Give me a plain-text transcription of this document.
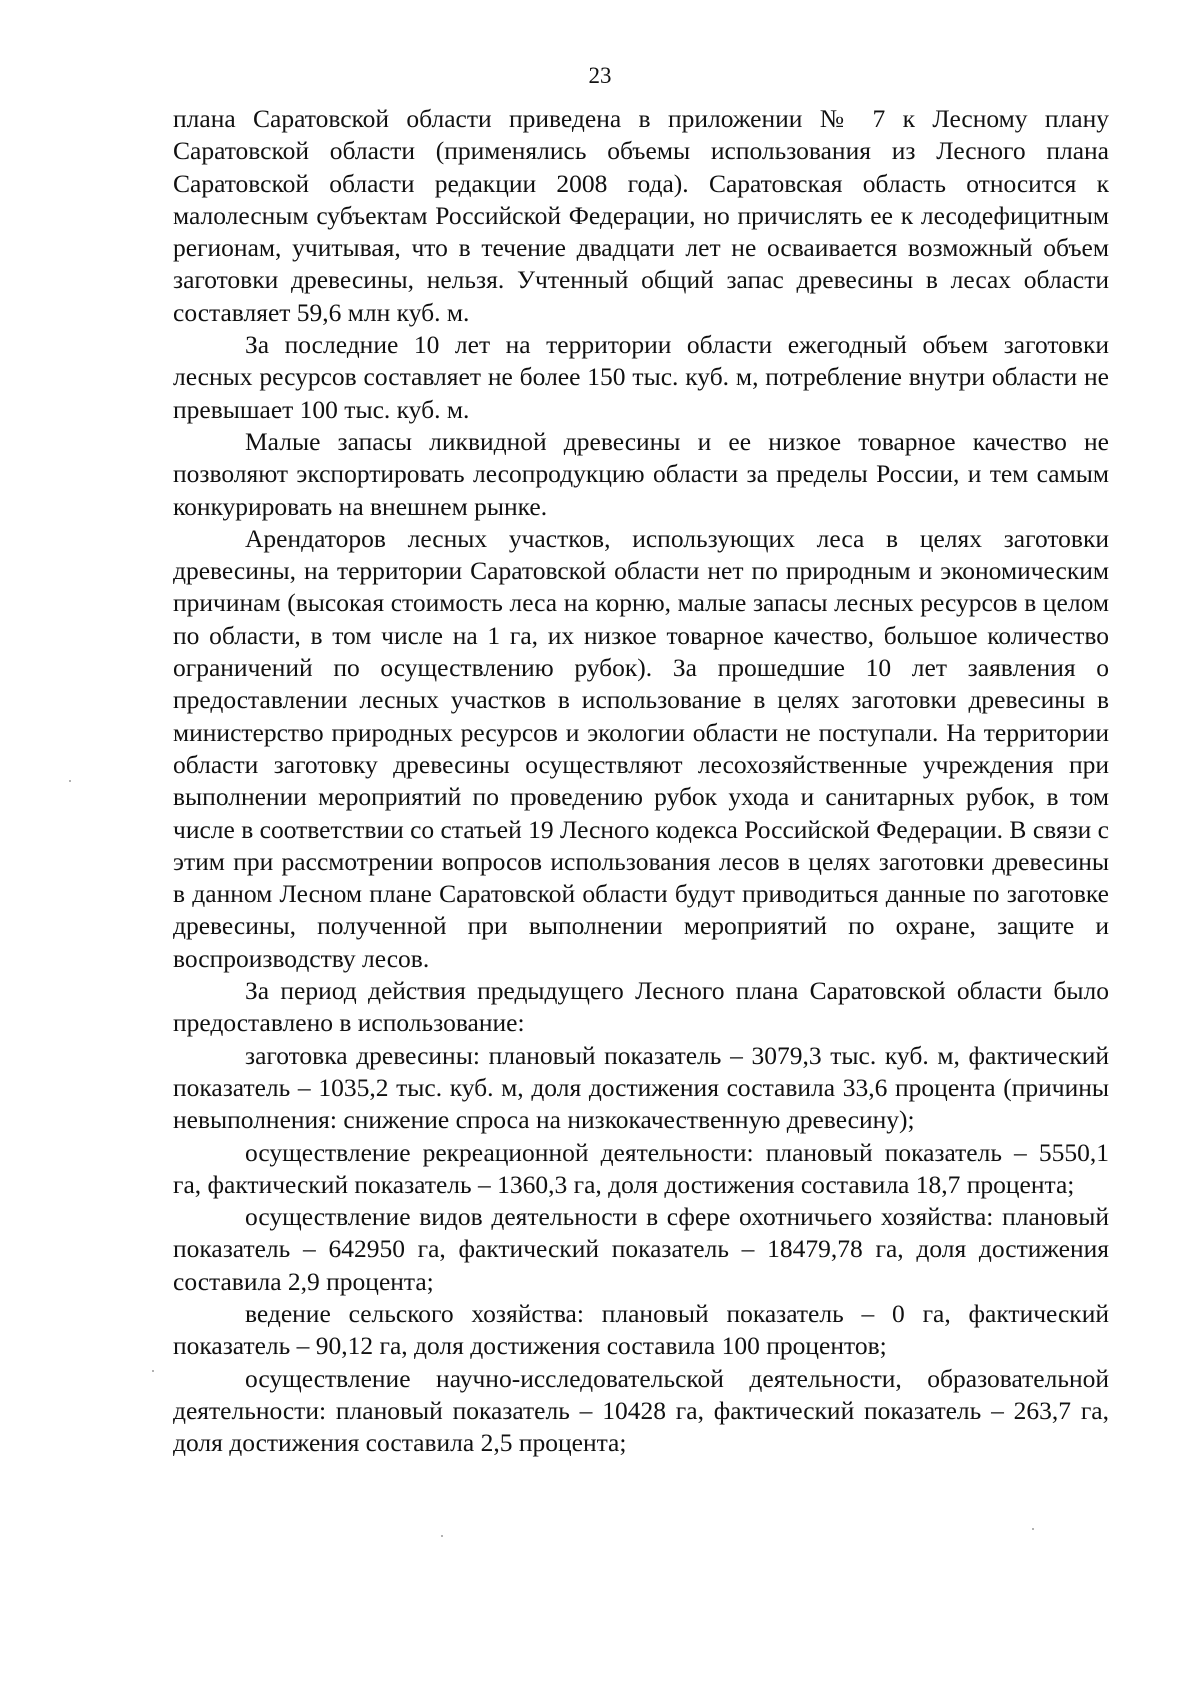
23

плана Саратовской области приведена в приложении № 7 к Лесному плану Саратовской области (применялись объемы использования из Лесного плана Саратовской области редакции 2008 года). Саратовская область относится к малолесным субъектам Российской Федерации, но причислять ее к лесодефицитным регионам, учитывая, что в течение двадцати лет не осваивается возможный объем заготовки древесины, нельзя. Учтенный общий запас древесины в лесах области составляет 59,6 млн куб. м.

За последние 10 лет на территории области ежегодный объем заготовки лесных ресурсов составляет не более 150 тыс. куб. м, потребление внутри области не превышает 100 тыс. куб. м.

Малые запасы ликвидной древесины и ее низкое товарное качество не позволяют экспортировать лесопродукцию области за пределы России, и тем самым конкурировать на внешнем рынке.

Арендаторов лесных участков, использующих леса в целях заготовки древесины, на территории Саратовской области нет по природным и экономическим причинам (высокая стоимость леса на корню, малые запасы лесных ресурсов в целом по области, в том числе на 1 га, их низкое товарное качество, большое количество ограничений по осуществлению рубок). За прошедшие 10 лет заявления о предоставлении лесных участков в использование в целях заготовки древесины в министерство природных ресурсов и экологии области не поступали. На территории области заготовку древесины осуществляют лесохозяйственные учреждения при выполнении мероприятий по проведению рубок ухода и санитарных рубок, в том числе в соответствии со статьей 19 Лесного кодекса Российской Федерации. В связи с этим при рассмотрении вопросов использования лесов в целях заготовки древесины в данном Лесном плане Саратовской области будут приводиться данные по заготовке древесины, полученной при выполнении мероприятий по охране, защите и воспроизводству лесов.

За период действия предыдущего Лесного плана Саратовской области было предоставлено в использование:

заготовка древесины: плановый показатель – 3079,3 тыс. куб. м, фактический показатель – 1035,2 тыс. куб. м, доля достижения составила 33,6 процента (причины невыполнения: снижение спроса на низкокачественную древесину);

осуществление рекреационной деятельности: плановый показатель – 5550,1 га, фактический показатель – 1360,3 га, доля достижения составила 18,7 процента;

осуществление видов деятельности в сфере охотничьего хозяйства: плановый показатель – 642950 га, фактический показатель – 18479,78 га, доля достижения составила 2,9 процента;

ведение сельского хозяйства: плановый показатель – 0 га, фактический показатель – 90,12 га, доля достижения составила 100 процентов;

осуществление научно-исследовательской деятельности, образовательной деятельности: плановый показатель – 10428 га, фактический показатель – 263,7 га, доля достижения составила 2,5 процента;
